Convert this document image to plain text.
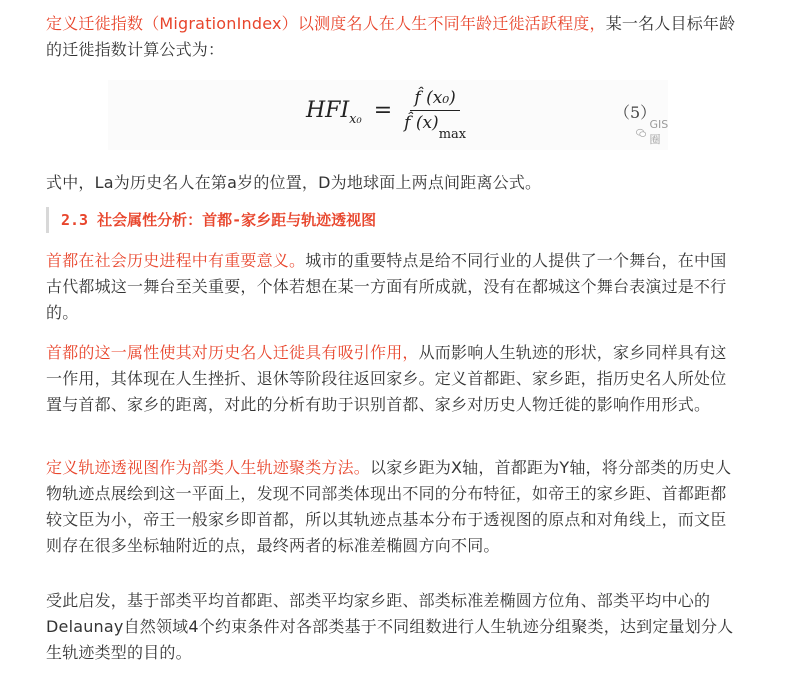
定义迁徙指数（MigrationIndex）以测度名人在人生不同年龄迁徙活跃程度，某一名人目标年龄的迁徙指数计算公式为：

HFI $x_0 = \frac{\text{f̂ (x₀)}}{f̂ (x)_{max}}$	（5）
GIS圈

式中，La为历史名人在第a岁的位置，D为地球面上两点间距离公式。

2.3 社会属性分析：首都-家乡距与轨迹透视图

首都在社会历史进程中有重要意义。城市的重要特点是给不同行业的人提供了一个舞台，在中国古代都城这一舞台至关重要，个体若想在某一方面有所成就，没有在都城这个舞台表演过是不行的。

首都的这一属性使其对历史名人迁徙具有吸引作用，从而影响人生轨迹的形状，家乡同样具有这一作用，其体现在人生挫折、退休等阶段往返回家乡。定义首都距、家乡距，指历史名人所处位置与首都、家乡的距离，对此的分析有助于识别首都、家乡对历史人物迁徙的影响作用形式。

定义轨迹透视图作为部类人生轨迹聚类方法。以家乡距为X轴，首都距为Y轴，将分部类的历史人物轨迹点展绘到这一平面上，发现不同部类体现出不同的分布特征，如帝王的家乡距、首都距都较文臣为小，帝王一般家乡即首都，所以其轨迹点基本分布于透视图的原点和对角线上，而文臣则存在很多坐标轴附近的点，最终两者的标准差椭圆方向不同。

受此启发，基于部类平均首都距、部类平均家乡距、部类标准差椭圆方位角、部类平均中心的Delaunay自然领域4个约束条件对各部类基于不同组数进行人生轨迹分组聚类，达到定量划分人生轨迹类型的目的。
